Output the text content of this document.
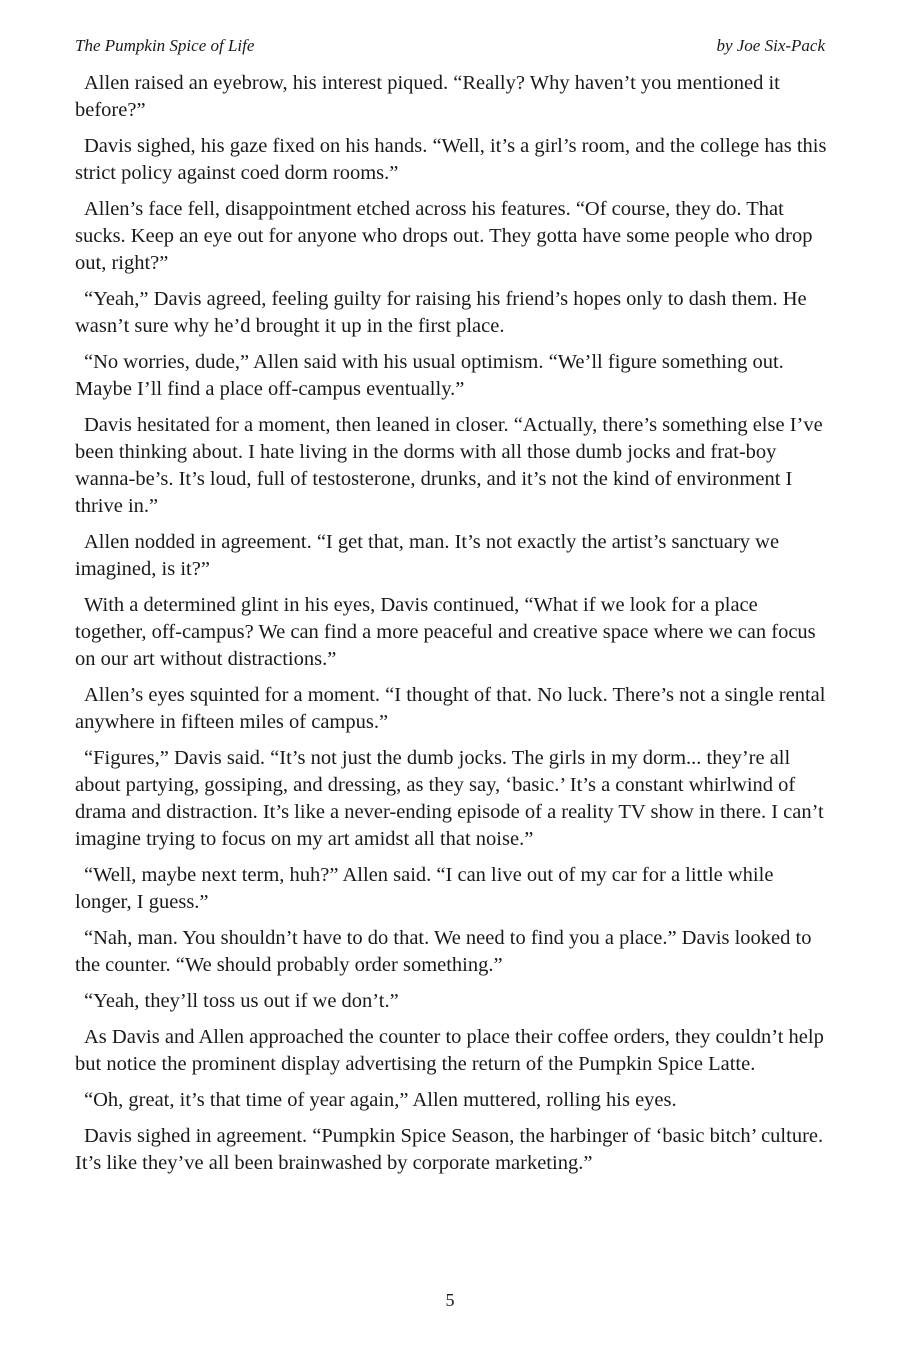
The Pumpkin Spice of Life	by Joe Six-Pack

Allen raised an eyebrow, his interest piqued. “Really? Why haven’t you mentioned it before?”

Davis sighed, his gaze fixed on his hands. “Well, it’s a girl’s room, and the college has this strict policy against coed dorm rooms.”

Allen’s face fell, disappointment etched across his features. “Of course, they do. That sucks. Keep an eye out for anyone who drops out. They gotta have some people who drop out, right?”

“Yeah,” Davis agreed, feeling guilty for raising his friend’s hopes only to dash them. He wasn’t sure why he’d brought it up in the first place.

“No worries, dude,” Allen said with his usual optimism. “We’ll figure something out. Maybe I’ll find a place off-campus eventually.”

Davis hesitated for a moment, then leaned in closer. “Actually, there’s something else I’ve been thinking about. I hate living in the dorms with all those dumb jocks and frat-boy wanna-be’s. It’s loud, full of testosterone, drunks, and it’s not the kind of environment I thrive in.”

Allen nodded in agreement. “I get that, man. It’s not exactly the artist’s sanctuary we imagined, is it?”

With a determined glint in his eyes, Davis continued, “What if we look for a place together, off-campus? We can find a more peaceful and creative space where we can focus on our art without distractions.”

Allen’s eyes squinted for a moment. “I thought of that. No luck. There’s not a single rental anywhere in fifteen miles of campus.”

“Figures,” Davis said. “It’s not just the dumb jocks. The girls in my dorm... they’re all about partying, gossiping, and dressing, as they say, ‘basic.’ It’s a constant whirlwind of drama and distraction. It’s like a never-ending episode of a reality TV show in there. I can’t imagine trying to focus on my art amidst all that noise.”

“Well, maybe next term, huh?” Allen said. “I can live out of my car for a little while longer, I guess.”

“Nah, man. You shouldn’t have to do that. We need to find you a place.” Davis looked to the counter. “We should probably order something.”

“Yeah, they’ll toss us out if we don’t.”

As Davis and Allen approached the counter to place their coffee orders, they couldn’t help but notice the prominent display advertising the return of the Pumpkin Spice Latte.

“Oh, great, it’s that time of year again,” Allen muttered, rolling his eyes.

Davis sighed in agreement. “Pumpkin Spice Season, the harbinger of ‘basic bitch’ culture. It’s like they’ve all been brainwashed by corporate marketing.”

5
